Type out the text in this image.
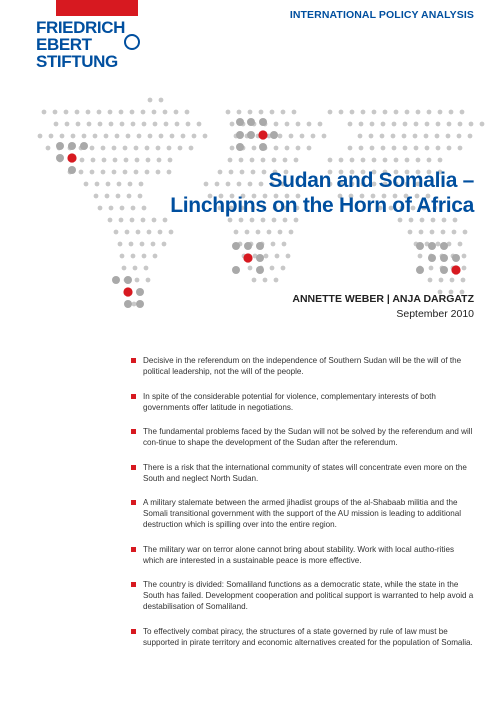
FRIEDRICH
EBERT
STIFTUNG
INTERNATIONAL POLICY ANALYSIS
Sudan and Somalia –
Linchpins on the Horn of Africa
ANNETTE WEBER | ANJA DARGATZ
September 2010
Decisive in the referendum on the independence of Southern Sudan will be the will of the political leadership, not the will of the people.
In spite of the considerable potential for violence, complementary interests of both governments offer latitude in negotiations.
The fundamental problems faced by the Sudan will not be solved by the referendum and will con-tinue to shape the development of the Sudan after the referendum.
There is a risk that the international community of states will concentrate even more on the South and neglect North Sudan.
A military stalemate between the armed jihadist groups of the al-Shabaab militia and the Somali transitional government with the support of the AU mission is leading to additional destruction which is spilling over into the entire region.
The military war on terror alone cannot bring about stability. Work with local autho-rities which are interested in a sustainable peace is more effective.
The country is divided: Somaliland functions as a democratic state, while the state in the South has failed. Development cooperation and political support is warranted to help avoid a destabilisation of Somaliland.
To effectively combat piracy, the structures of a state governed by rule of law must be supported in pirate territory and economic alternatives created for the population of Somalia.
